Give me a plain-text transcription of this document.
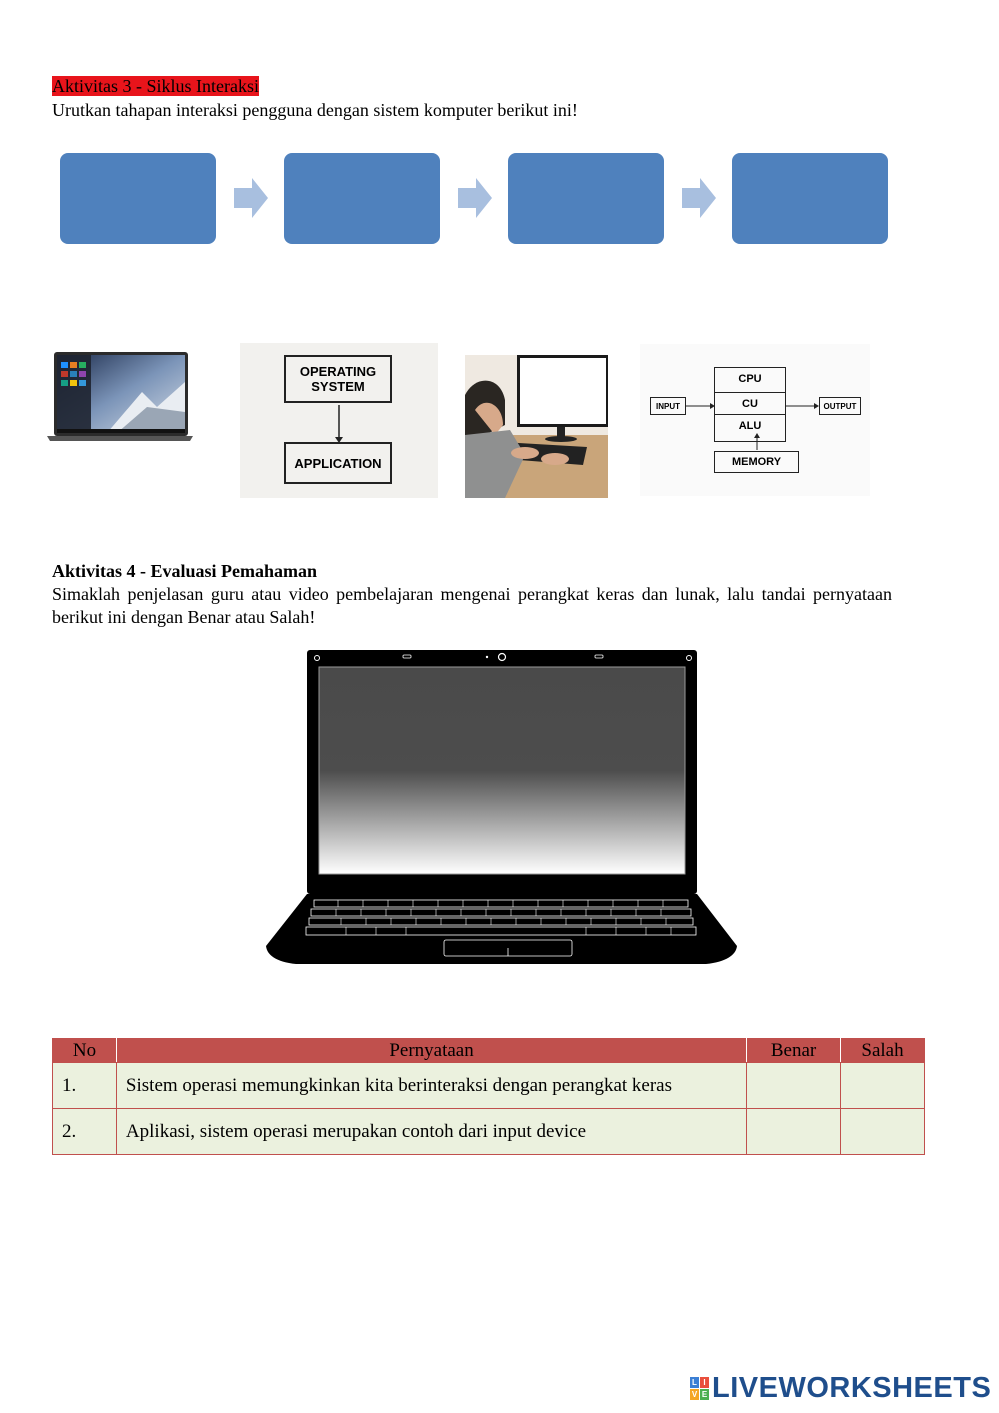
Aktivitas 3 - Siklus Interaksi
Urutkan tahapan interaksi pengguna dengan sistem komputer berikut ini!
OPERATING SYSTEM
APPLICATION
INPUT
CPU
CU
ALU
OUTPUT
MEMORY
Aktivitas 4 - Evaluasi Pemahaman
Simaklah penjelasan guru atau video pembelajaran mengenai perangkat keras dan lunak, lalu tandai pernyataan berikut ini dengan Benar atau Salah!
No	Pernyataan	Benar	Salah
1.	Sistem operasi memungkinkan kita berinteraksi dengan perangkat keras		
2.	Aplikasi, sistem operasi merupakan contoh dari input device		
L I
V E LIVEWORKSHEETS
